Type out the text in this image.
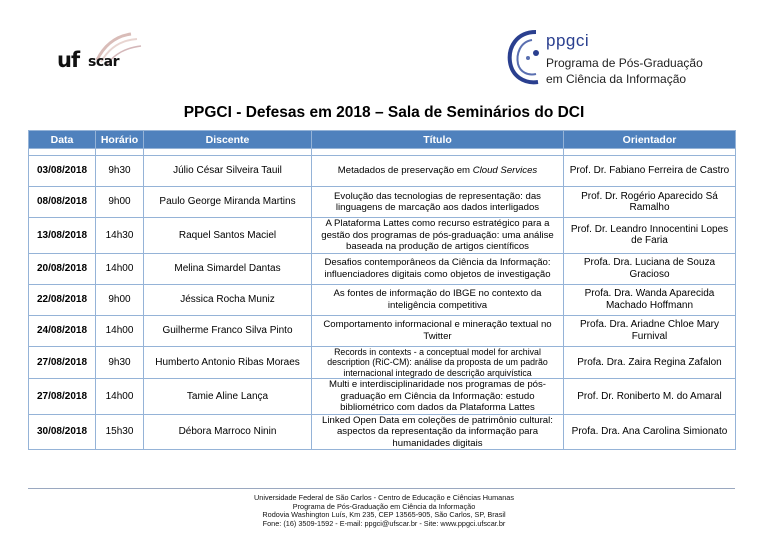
uf scar
ppgci
Programa de Pós-Graduação
em Ciência da Informação
PPGCI - Defesas em 2018 – Sala de Seminários do DCI
Data	Horário	Discente	Título	Orientador

03/08/2018	9h30	Júlio César Silveira Tauil	Metadados de preservação em Cloud Services	Prof. Dr. Fabiano Ferreira de Castro
08/08/2018	9h00	Paulo George Miranda Martins	Evolução das tecnologias de representação: das linguagens de marcação aos dados interligados	Prof. Dr. Rogério Aparecido Sá Ramalho
13/08/2018	14h30	Raquel Santos Maciel	A Plataforma Lattes como recurso estratégico para a gestão dos programas de pós-graduação: uma análise baseada na produção de artigos científicos	Prof. Dr. Leandro Innocentini Lopes de Faria
20/08/2018	14h00	Melina Simardel Dantas	Desafios contemporâneos da Ciência da Informação: influenciadores digitais como objetos de investigação	Profa. Dra. Luciana de Souza Gracioso
22/08/2018	9h00	Jéssica Rocha Muniz	As fontes de informação do IBGE no contexto da inteligência competitiva	Profa. Dra. Wanda Aparecida Machado Hoffmann
24/08/2018	14h00	Guilherme Franco Silva Pinto	Comportamento informacional e mineração textual no Twitter	Profa. Dra. Ariadne Chloe Mary Furnival
27/08/2018	9h30	Humberto Antonio Ribas Moraes	Records in contexts - a conceptual model for archival description (RiC-CM): análise da proposta de um padrão internacional integrado de descrição arquivística	Profa. Dra. Zaira Regina Zafalon
27/08/2018	14h00	Tamie Aline Lança	Multi e interdisciplinaridade nos programas de pós-graduação em Ciência da Informação: estudo bibliométrico com dados da Plataforma Lattes	Prof. Dr. Roniberto M. do Amaral
30/08/2018	15h30	Débora Marroco Ninin	Linked Open Data em coleções de patrimônio cultural: aspectos da representação da informação para humanidades digitais	Profa. Dra. Ana Carolina Simionato
Universidade Federal de São Carlos - Centro de Educação e Ciências Humanas
Programa de Pós-Graduação em Ciência da Informação
Rodovia Washington Luís, Km 235, CEP 13565-905, São Carlos, SP, Brasil
Fone: (16) 3509-1592 - E-mail: ppgci@ufscar.br - Site: www.ppgci.ufscar.br
